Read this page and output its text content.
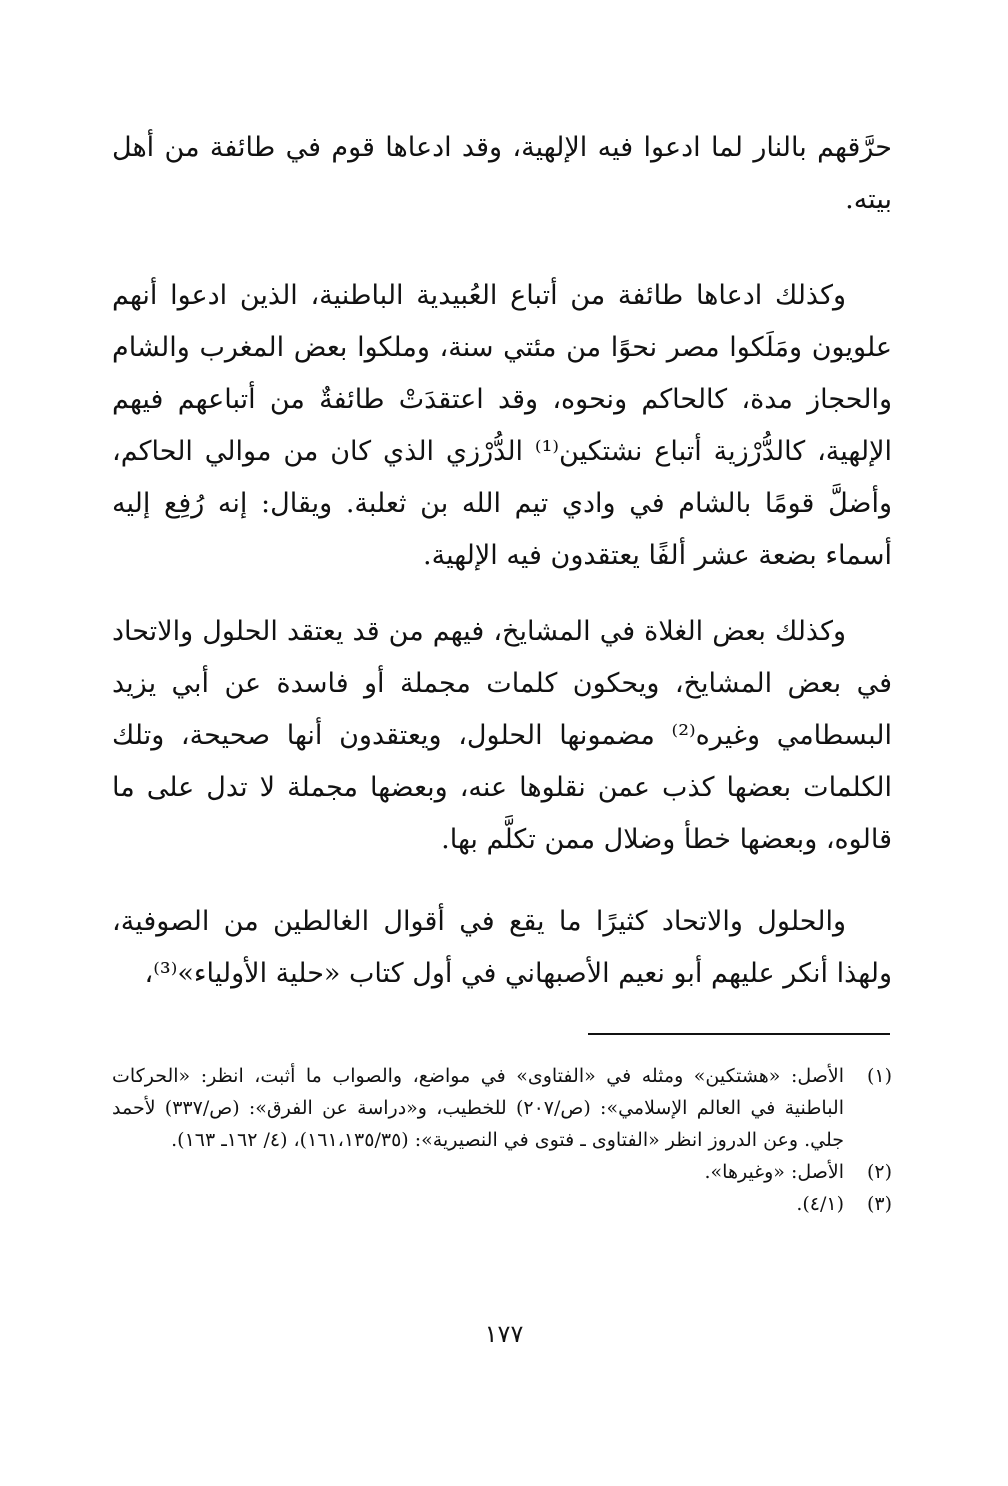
حرَّقهم بالنار لما ادعوا فيه الإلهية، وقد ادعاها قوم في طائفة من أهل بيته.

وكذلك ادعاها طائفة من أتباع العُبيدية الباطنية، الذين ادعوا أنهم علويون ومَلَكوا مصر نحوًا من مئتي سنة، وملكوا بعض المغرب والشام والحجاز مدة، كالحاكم ونحوه، وقد اعتقدَتْ طائفةٌ من أتباعهم فيهم الإلهية، كالدُّرْزية أتباع نشتكين⁽¹⁾ الدُّرْزي الذي كان من موالي الحاكم، وأضلَّ قومًا بالشام في وادي تيم الله بن ثعلبة. ويقال: إنه رُفِع إليه أسماء بضعة عشر ألفًا يعتقدون فيه الإلهية.

وكذلك بعض الغلاة في المشايخ، فيهم من قد يعتقد الحلول والاتحاد في بعض المشايخ، ويحكون كلمات مجملة أو فاسدة عن أبي يزيد البسطامي وغيره⁽²⁾ مضمونها الحلول، ويعتقدون أنها صحيحة، وتلك الكلمات بعضها كذب عمن نقلوها عنه، وبعضها مجملة لا تدل على ما قالوه، وبعضها خطأ وضلال ممن تكلَّم بها.

والحلول والاتحاد كثيرًا ما يقع في أقوال الغالطين من الصوفية، ولهذا أنكر عليهم أبو نعيم الأصبهاني في أول كتاب «حلية الأولياء»⁽³⁾،

(١)
الأصل: «هشتكين» ومثله في «الفتاوى» في مواضع، والصواب ما أثبت، انظر: «الحركات الباطنية في العالم الإسلامي»: (ص/٢٠٧) للخطيب، و«دراسة عن الفرق»: (ص/٣٣٧) لأحمد جلي. وعن الدروز انظر «الفتاوى ـ فتوى في النصيرية»: (١٦١،١٣٥/٣٥)، (٤/ ١٦٢ـ ١٦٣).
(٢)
الأصل: «وغيرها».
(٣)
(٤/١).
١٧٧
